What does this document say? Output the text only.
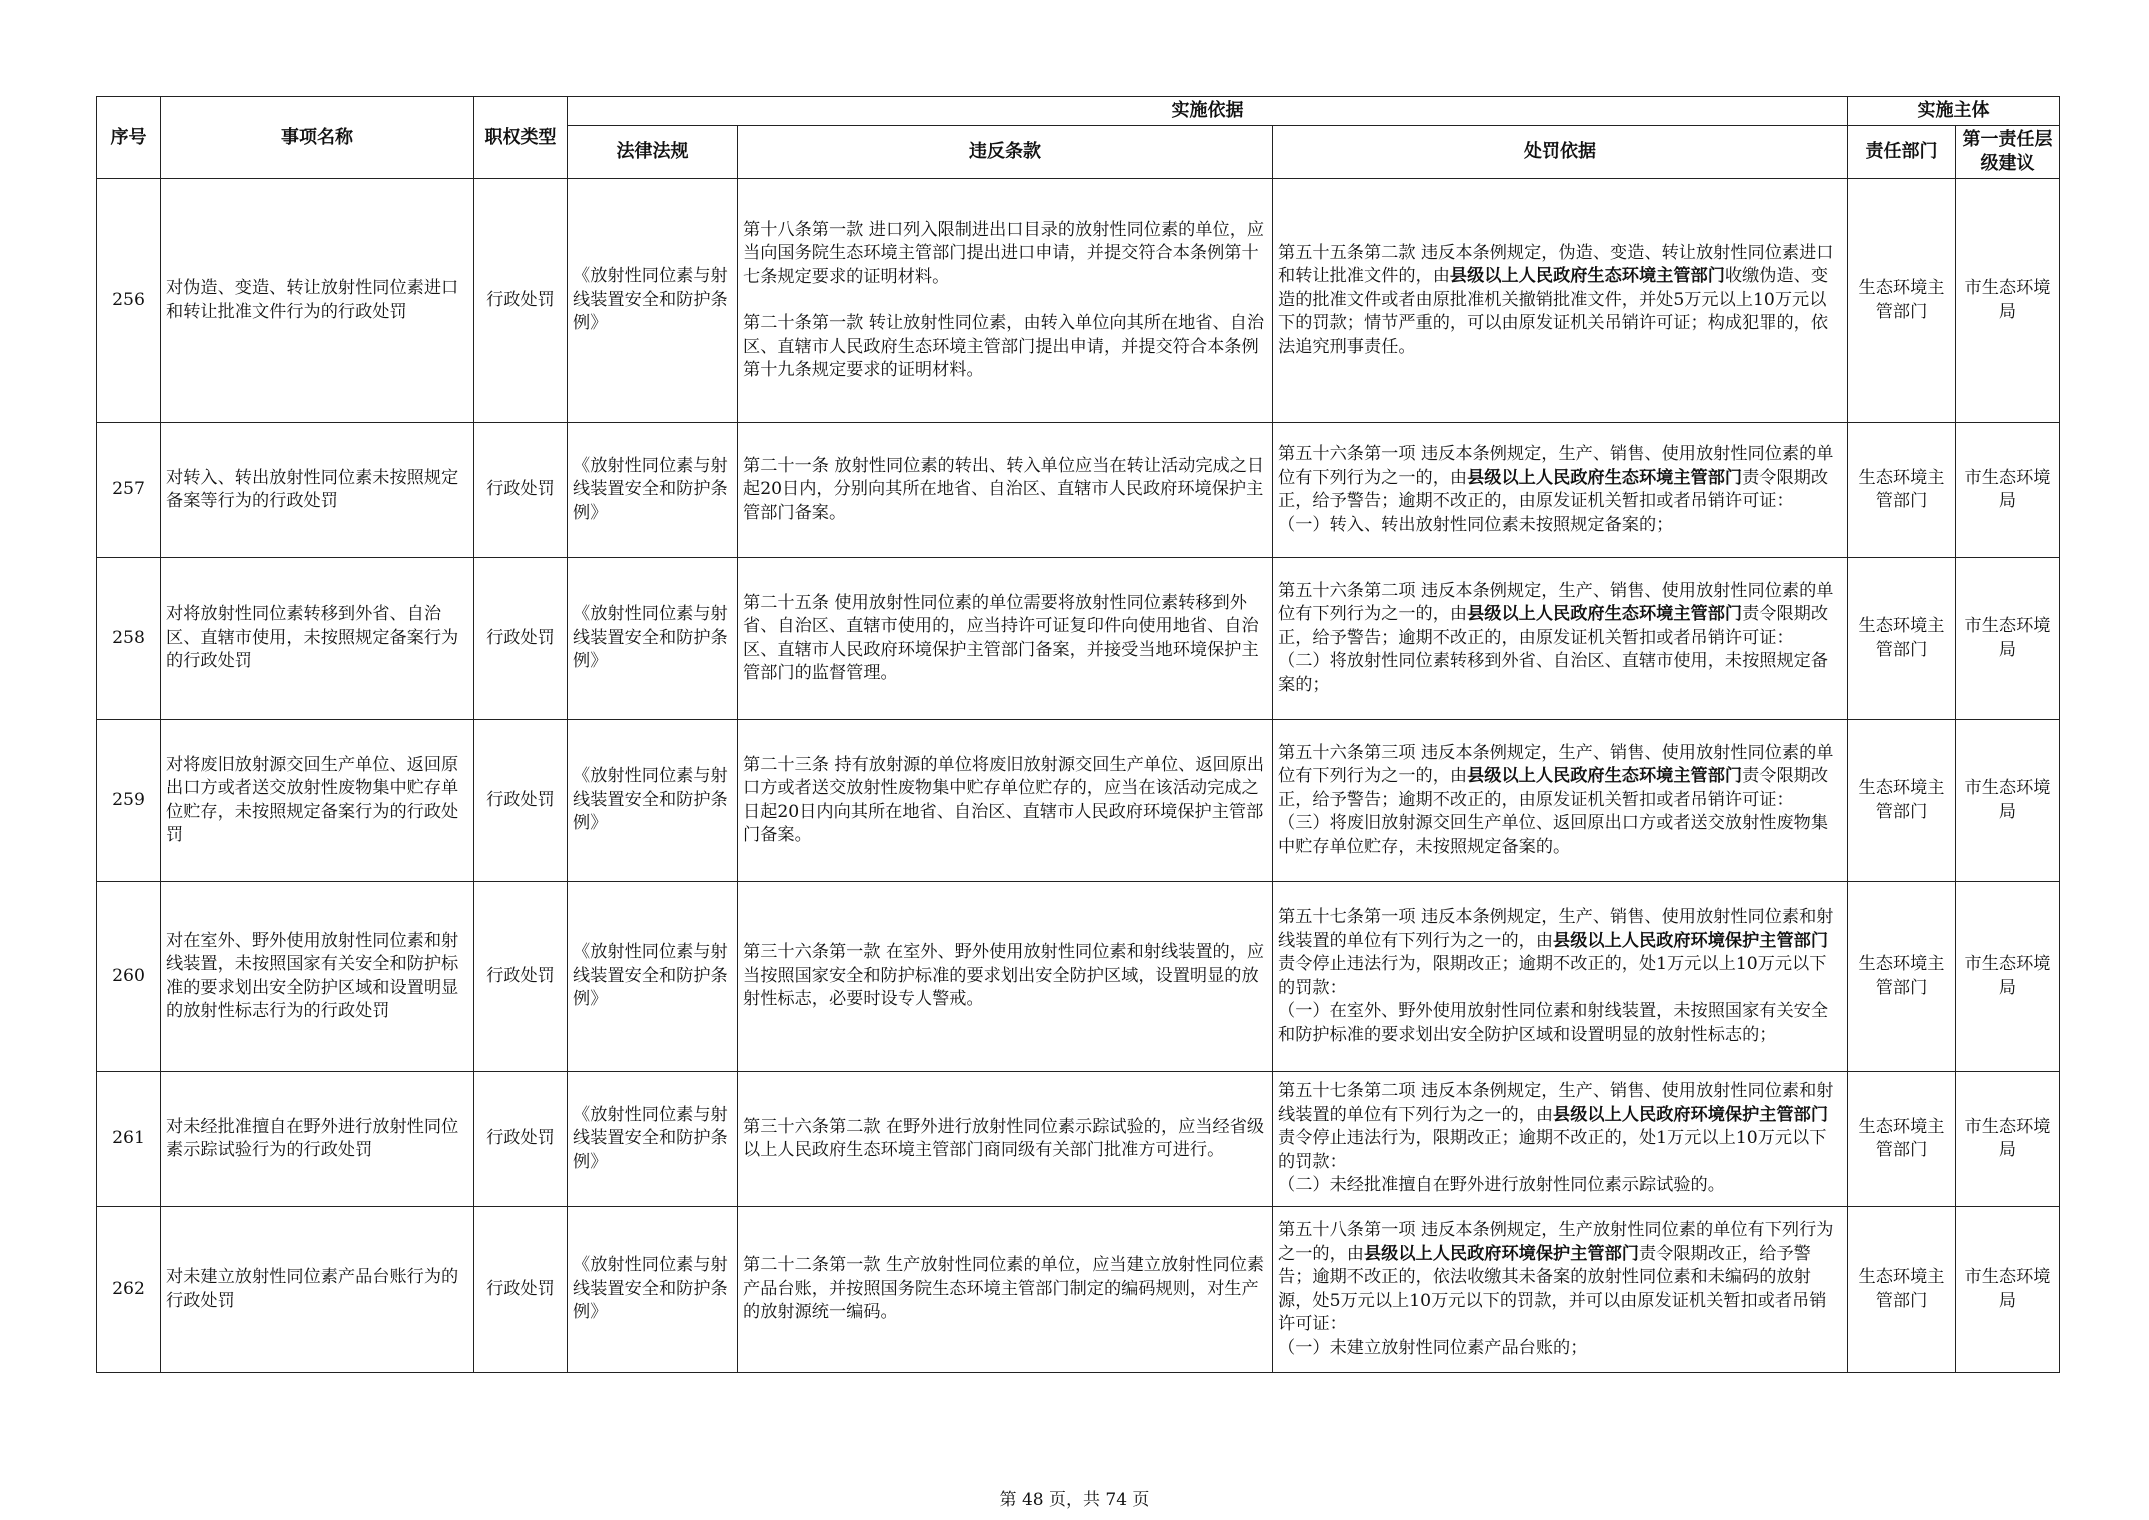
序号	事项名称	职权类型	实施依据			实施主体	
			法律法规	违反条款	处罚依据	责任部门	第一责任层级建议
256	对伪造、变造、转让放射性同位素进口和转让批准文件行为的行政处罚	行政处罚	《放射性同位素与射线装置安全和防护条例》	第十八条第一款 进口列入限制进出口目录的放射性同位素的单位，应当向国务院生态环境主管部门提出进口申请，并提交符合本条例第十七条规定要求的证明材料。
第二十条第一款 转让放射性同位素，由转入单位向其所在地省、自治区、直辖市人民政府生态环境主管部门提出申请，并提交符合本条例第十九条规定要求的证明材料。	第五十五条第二款 违反本条例规定，伪造、变造、转让放射性同位素进口和转让批准文件的，由县级以上人民政府生态环境主管部门收缴伪造、变造的批准文件或者由原批准机关撤销批准文件，并处5万元以上10万元以下的罚款；情节严重的，可以由原发证机关吊销许可证；构成犯罪的，依法追究刑事责任。	生态环境主管部门	市生态环境局
257	对转入、转出放射性同位素未按照规定备案等行为的行政处罚	行政处罚	《放射性同位素与射线装置安全和防护条例》	第二十一条 放射性同位素的转出、转入单位应当在转让活动完成之日起20日内，分别向其所在地省、自治区、直辖市人民政府环境保护主管部门备案。	第五十六条第一项 违反本条例规定，生产、销售、使用放射性同位素的单位有下列行为之一的，由县级以上人民政府生态环境主管部门责令限期改正，给予警告；逾期不改正的，由原发证机关暂扣或者吊销许可证：
（一）转入、转出放射性同位素未按照规定备案的；	生态环境主管部门	市生态环境局
258	对将放射性同位素转移到外省、自治区、直辖市使用，未按照规定备案行为的行政处罚	行政处罚	《放射性同位素与射线装置安全和防护条例》	第二十五条 使用放射性同位素的单位需要将放射性同位素转移到外省、自治区、直辖市使用的，应当持许可证复印件向使用地省、自治区、直辖市人民政府环境保护主管部门备案，并接受当地环境保护主管部门的监督管理。	第五十六条第二项 违反本条例规定，生产、销售、使用放射性同位素的单位有下列行为之一的，由县级以上人民政府生态环境主管部门责令限期改正，给予警告；逾期不改正的，由原发证机关暂扣或者吊销许可证：
（二）将放射性同位素转移到外省、自治区、直辖市使用，未按照规定备案的；	生态环境主管部门	市生态环境局
259	对将废旧放射源交回生产单位、返回原出口方或者送交放射性废物集中贮存单位贮存，未按照规定备案行为的行政处罚	行政处罚	《放射性同位素与射线装置安全和防护条例》	第二十三条 持有放射源的单位将废旧放射源交回生产单位、返回原出口方或者送交放射性废物集中贮存单位贮存的，应当在该活动完成之日起20日内向其所在地省、自治区、直辖市人民政府环境保护主管部门备案。	第五十六条第三项 违反本条例规定，生产、销售、使用放射性同位素的单位有下列行为之一的，由县级以上人民政府生态环境主管部门责令限期改正，给予警告；逾期不改正的，由原发证机关暂扣或者吊销许可证：
（三）将废旧放射源交回生产单位、返回原出口方或者送交放射性废物集中贮存单位贮存，未按照规定备案的。	生态环境主管部门	市生态环境局
260	对在室外、野外使用放射性同位素和射线装置，未按照国家有关安全和防护标准的要求划出安全防护区域和设置明显的放射性标志行为的行政处罚	行政处罚	《放射性同位素与射线装置安全和防护条例》	第三十六条第一款 在室外、野外使用放射性同位素和射线装置的，应当按照国家安全和防护标准的要求划出安全防护区域，设置明显的放射性标志，必要时设专人警戒。	第五十七条第一项 违反本条例规定，生产、销售、使用放射性同位素和射线装置的单位有下列行为之一的，由县级以上人民政府环境保护主管部门责令停止违法行为，限期改正；逾期不改正的，处1万元以上10万元以下的罚款：
（一）在室外、野外使用放射性同位素和射线装置，未按照国家有关安全和防护标准的要求划出安全防护区域和设置明显的放射性标志的；	生态环境主管部门	市生态环境局
261	对未经批准擅自在野外进行放射性同位素示踪试验行为的行政处罚	行政处罚	《放射性同位素与射线装置安全和防护条例》	第三十六条第二款 在野外进行放射性同位素示踪试验的，应当经省级以上人民政府生态环境主管部门商同级有关部门批准方可进行。	第五十七条第二项 违反本条例规定，生产、销售、使用放射性同位素和射线装置的单位有下列行为之一的，由县级以上人民政府环境保护主管部门责令停止违法行为，限期改正；逾期不改正的，处1万元以上10万元以下的罚款：
（二）未经批准擅自在野外进行放射性同位素示踪试验的。	生态环境主管部门	市生态环境局
262	对未建立放射性同位素产品台账行为的行政处罚	行政处罚	《放射性同位素与射线装置安全和防护条例》	第二十二条第一款 生产放射性同位素的单位，应当建立放射性同位素产品台账，并按照国务院生态环境主管部门制定的编码规则，对生产的放射源统一编码。	第五十八条第一项 违反本条例规定，生产放射性同位素的单位有下列行为之一的，由县级以上人民政府环境保护主管部门责令限期改正，给予警告；逾期不改正的，依法收缴其未备案的放射性同位素和未编码的放射源，处5万元以上10万元以下的罚款，并可以由原发证机关暂扣或者吊销许可证：
（一）未建立放射性同位素产品台账的；	生态环境主管部门	市生态环境局
第 48 页，共 74 页
